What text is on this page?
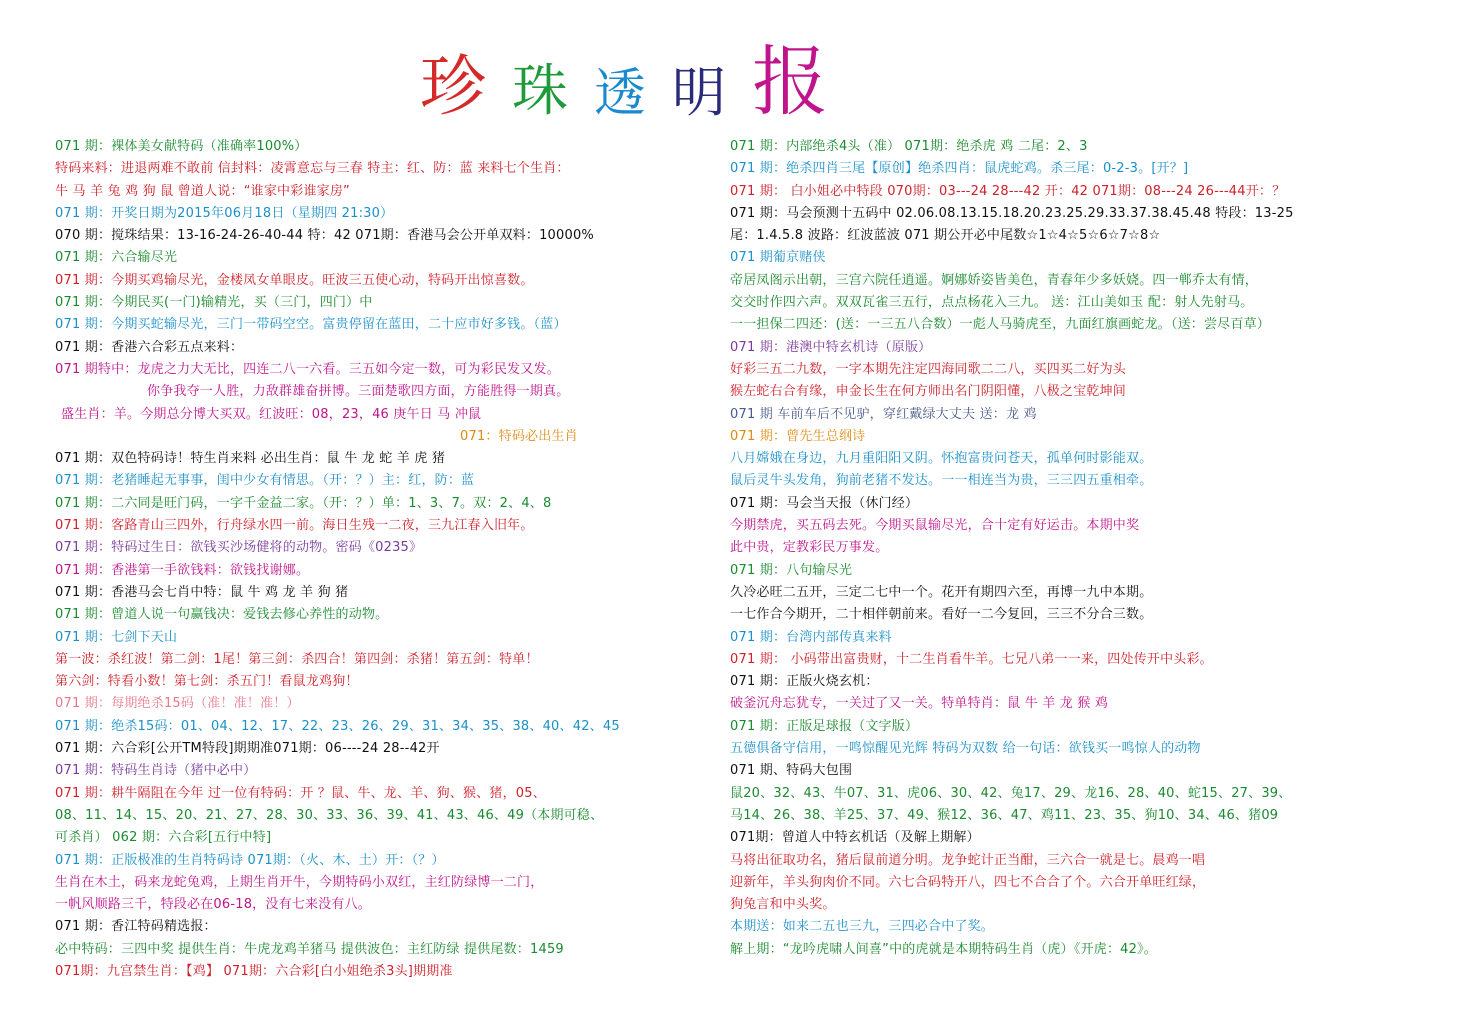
珍 珠 透 明 报
071 期：裸体美女献特码（准确率100%）
特码来料：进退两难不敢前 信封料：凌霄意忘与三春 特主：红、防：蓝 来料七个生肖：
牛 马 羊 兔 鸡 狗 鼠 曾道人说：“谁家中彩谁家房”
071 期：开奖日期为2015年06月18日（星期四 21:30）
070 期：搅珠结果：13-16-24-26-40-44 特：42 071期：香港马会公开单双料：10000%
071 期：六合输尽光
071 期：今期买鸡输尽光，金楼凤女单眼皮。旺波三五使心动，特码开出惊喜数。
071 期：今期民买(一门)输精光，买（三门，四门）中
071 期：今期买蛇输尽光，三门一带码空空。富贵停留在蓝田，二十应市好多钱。（蓝）
071 期：香港六合彩五点来料：
071 期特中：龙虎之力大无比，四连二八一六看。三五如今定一数，可为彩民发又发。
你争我夺一人胜，力敌群雄奋拼博。三面楚歌四方面，方能胜得一期真。
盛生肖：羊。今期总分博大买双。红波旺：08，23，46 庚午日 马 冲鼠
071：特码必出生肖
071 期：双色特码诗！特生肖来料 必出生肖：鼠 牛 龙 蛇 羊 虎 猪
071 期：老猪睡起无事事，闺中少女有情思。（开：？）主：红，防：蓝
071 期：二六同是旺门码，一字千金益二家。（开：？）单：1、3、7。双：2、4、8
071 期：客路青山三四外，行舟绿水四一前。海日生残一二夜，三九江春入旧年。
071 期：特码过生日：欲钱买沙场健将的动物。密码《0235》
071 期：香港第一手欲钱料：欲钱找谢娜。
071 期：香港马会七肖中特：鼠 牛 鸡 龙 羊 狗 猪
071 期：曾道人说一句赢钱决：爱钱去修心养性的动物。
071 期：七剑下天山
第一波：杀红波！第二剑：1尾！第三剑：杀四合！第四剑：杀猪！第五剑：特单！
第六剑：特看小数！第七剑：杀五门！看鼠龙鸡狗！
071 期：每期绝杀15码（准！准！准！）
071 期：绝杀15码：01、04、12、17、22、23、26、29、31、34、35、38、40、42、45
071 期：六合彩[公开TM特段]期期准071期：06----24 28--42开
071 期：特码生肖诗（猪中必中）
071 期：耕牛隔阻在今年 过一位有特码：开 ？鼠、牛、龙、羊、狗、猴、猪，05、
08、11、14、15、20、21、27、28、30、33、36、39、41、43、46、49（本期可稳、
可杀肖） 062 期：六合彩[五行中特]
071 期：正版极准的生肖特码诗 071期：（火、木、土）开：（？）
生肖在木土，码来龙蛇兔鸡，上期生肖开牛，今期特码小双红，主红防绿博一二门，
一帆风顺路三千，特段必在06-18，没有七来没有八。
071 期：香江特码精选报：
必中特码：三四中奖 提供生肖：牛虎龙鸡羊猪马 提供波色：主红防绿 提供尾数：1459
071期：九宫禁生肖：【鸡】 071期：六合彩[白小姐绝杀3头]期期准
071 期：内部绝杀4头（准） 071期：绝杀虎 鸡 二尾：2、3
071 期：绝杀四肖三尾【原创】绝杀四肖：鼠虎蛇鸡。杀三尾：0-2-3。[开？]
071 期： 白小姐必中特段 070期：03---24 28---42 开：42 071期：08---24 26---44开：？
071 期：马会预测十五码中 02.06.08.13.15.18.20.23.25.29.33.37.38.45.48 特段：13-25
尾：1.4.5.8 波路：红波蓝波 071 期公开必中尾数☆1☆4☆5☆6☆7☆8☆
071 期葡京赌侠
帝居凤阁示出朝，三宫六院任逍遥。婀娜娇姿皆美色，青春年少多妖娆。四一郸乔太有情，
交交时作四六声。双双瓦雀三五行，点点杨花入三九。 送：江山美如玉 配：射人先射马。
一一担保二四还：(送：一三五八合数）一彪人马骑虎至，九面红旗画蛇龙。（送：尝尽百草）
071 期：港澳中特玄机诗（原版）
好彩三五二九数，一字本期先注定四海同歌二二八，买四买二好为头
猴左蛇右合有缘，申金长生在何方师出名门阴阳懂，八极之宝乾坤间
071 期 车前车后不见驴，穿红戴绿大丈夫 送：龙 鸡
071 期：曾先生总纲诗
八月嫦娥在身边，九月重阳阳又阴。怀抱富贵问苍天，孤单何时影能双。
鼠后灵牛头发角，狗前老猪不发达。一一相连当为贵，三三四五重相牵。
071 期：马会当天报（休门经）
今期禁虎，买五码去死。今期买鼠输尽光，合十定有好运击。本期中奖
此中贵，定教彩民万事发。
071 期：八句输尽光
久冷必旺二五开，三定二七中一个。花开有期四六至，再博一九中本期。
一七作合今期开，二十相伴朝前来。看好一二今复回，三三不分合三数。
071 期：台湾内部传真来料
071 期： 小码带出富贵财，十二生肖看牛羊。七兄八弟一一来，四处传开中头彩。
071 期：正版火烧玄机：
破釜沉舟忘犹专，一关过了又一关。特单特肖：鼠 牛 羊 龙 猴 鸡
071 期：正版足球报（文字版）
五德俱备守信用，一鸣惊醒见光辉 特码为双数 给一句话：欲钱买一鸣惊人的动物
071 期、特码大包围
鼠20、32、43、牛07、31、虎06、30、42、兔17、29、龙16、28、40、蛇15、27、39、
马14、26、38、羊25、37、49、猴12、36、47、鸡11、23、35、狗10、34、46、猪09
071期：曾道人中特玄机话（及解上期解）
马将出征取功名，猪后鼠前道分明。龙争蛇计正当酣，三六合一就是七。晨鸡一唱
迎新年，羊头狗肉价不同。六七合码特开八，四七不合合了个。六合开单旺红绿，
狗兔言和中头奖。
本期送：如来二五也三九，三四必合中了奖。
解上期：“龙吟虎啸人间喜”中的虎就是本期特码生肖（虎）《开虎：42》。
